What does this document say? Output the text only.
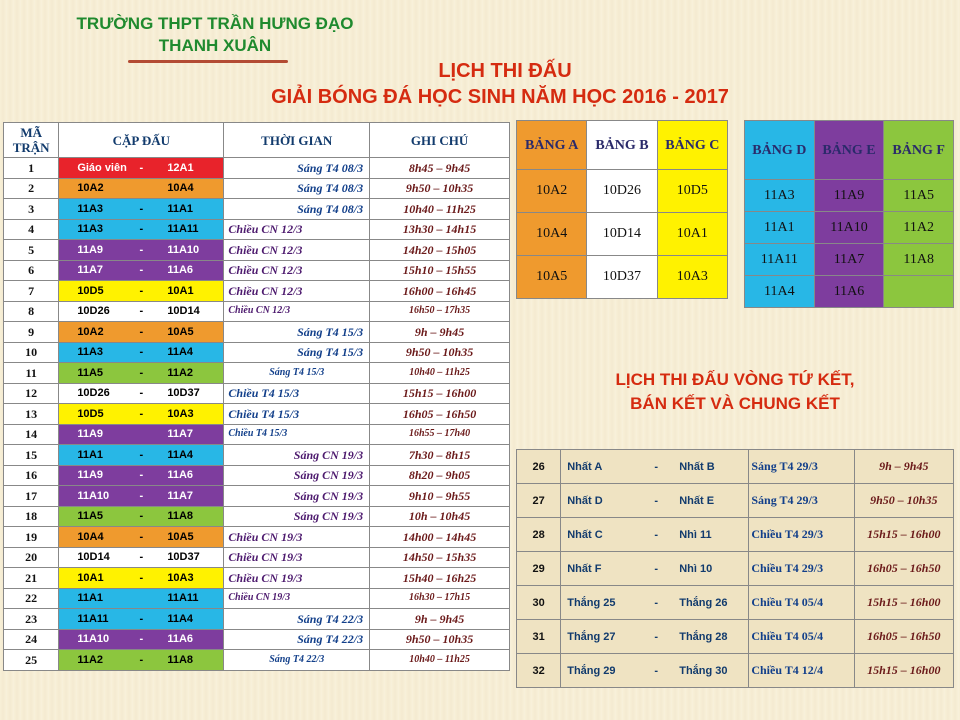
TRƯỜNG THPT TRẦN HƯNG ĐẠO
THANH XUÂN
LỊCH THI ĐẤU
GIẢI BÓNG ĐÁ HỌC SINH NĂM HỌC 2016 - 2017
MÃ TRẬN	CẶP ĐẤU	THỜI GIAN	GHI CHÚ
1	Giáo viên - 12A1	Sáng T4 08/3	8h45 – 9h45
2	10A2 10A4	Sáng T4 08/3	9h50 – 10h35
3	11A3 - 11A1	Sáng T4 08/3	10h40 – 11h25
4	11A3 - 11A11	Chiều CN 12/3	13h30 – 14h15
5	11A9 - 11A10	Chiều CN 12/3	14h20 – 15h05
6	11A7 - 11A6	Chiều CN 12/3	15h10 – 15h55
7	10D5 - 10A1	Chiều CN 12/3	16h00 – 16h45
8	10D26 - 10D14	Chiều CN 12/3	16h50 – 17h35
9	10A2 - 10A5	Sáng T4 15/3	9h – 9h45
10	11A3 - 11A4	Sáng T4 15/3	9h50 – 10h35
11	11A5 - 11A2	Sáng T4 15/3	10h40 – 11h25
12	10D26 - 10D37	Chiều T4 15/3	15h15 – 16h00
13	10D5 - 10A3	Chiều T4 15/3	16h05 – 16h50
14	11A9 11A7	Chiều T4 15/3	16h55 – 17h40
15	11A1 - 11A4	Sáng CN 19/3	7h30 – 8h15
16	11A9 - 11A6	Sáng CN 19/3	8h20 – 9h05
17	11A10 - 11A7	Sáng CN 19/3	9h10 – 9h55
18	11A5 - 11A8	Sáng CN 19/3	10h – 10h45
19	10A4 - 10A5	Chiều CN 19/3	14h00 – 14h45
20	10D14 - 10D37	Chiều CN 19/3	14h50 – 15h35
21	10A1 - 10A3	Chiều CN 19/3	15h40 – 16h25
22	11A1 11A11	Chiều CN 19/3	16h30 – 17h15
23	11A11 - 11A4	Sáng T4 22/3	9h – 9h45
24	11A10 - 11A6	Sáng T4 22/3	9h50 – 10h35
25	11A2 - 11A8	Sáng T4 22/3	10h40 – 11h25
BẢNG A	BẢNG B	BẢNG C
10A2	10D26	10D5
10A4	10D14	10A1
10A5	10D37	10A3
BẢNG D	BẢNG E	BẢNG F
11A3	11A9	11A5
11A1	11A10	11A2
11A11	11A7	11A8
11A4	11A6	
LỊCH THI ĐẤU VÒNG TỨ KẾT,
BÁN KẾT VÀ CHUNG KẾT
26	Nhất A - Nhất B	Sáng T4 29/3	9h – 9h45
27	Nhất D - Nhất E	Sáng T4 29/3	9h50 – 10h35
28	Nhất C - Nhì 11	Chiều T4 29/3	15h15 – 16h00
29	Nhất F - Nhì 10	Chiều T4 29/3	16h05 – 16h50
30	Thắng 25 - Thắng 26	Chiều T4 05/4	15h15 – 16h00
31	Thắng 27 - Thắng 28	Chiều T4 05/4	16h05 – 16h50
32	Thắng 29 - Thắng 30	Chiều T4 12/4	15h15 – 16h00
